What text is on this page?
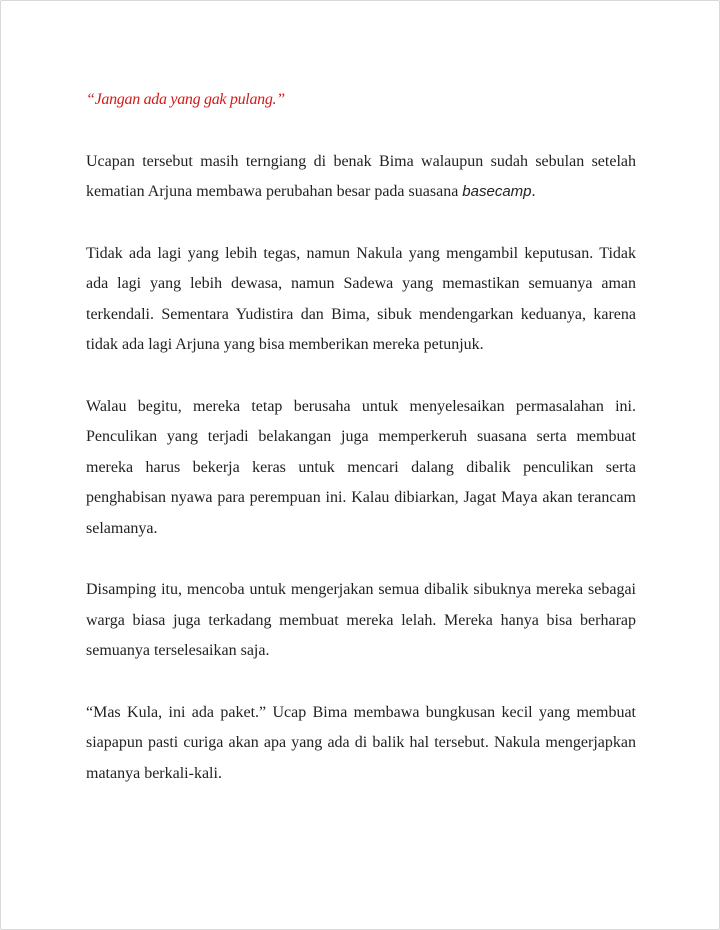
“Jangan ada yang gak pulang.”

Ucapan tersebut masih terngiang di benak Bima walaupun sudah sebulan setelah kematian Arjuna membawa perubahan besar pada suasana basecamp.

Tidak ada lagi yang lebih tegas, namun Nakula yang mengambil keputusan. Tidak ada lagi yang lebih dewasa, namun Sadewa yang memastikan semuanya aman terkendali. Sementara Yudistira dan Bima, sibuk mendengarkan keduanya, karena tidak ada lagi Arjuna yang bisa memberikan mereka petunjuk.

Walau begitu, mereka tetap berusaha untuk menyelesaikan permasalahan ini. Penculikan yang terjadi belakangan juga memperkeruh suasana serta membuat mereka harus bekerja keras untuk mencari dalang dibalik penculikan serta penghabisan nyawa para perempuan ini. Kalau dibiarkan, Jagat Maya akan terancam selamanya.

Disamping itu, mencoba untuk mengerjakan semua dibalik sibuknya mereka sebagai warga biasa juga terkadang membuat mereka lelah. Mereka hanya bisa berharap semuanya terselesaikan saja.

“Mas Kula, ini ada paket.” Ucap Bima membawa bungkusan kecil yang membuat siapapun pasti curiga akan apa yang ada di balik hal tersebut. Nakula mengerjapkan matanya berkali-kali.
